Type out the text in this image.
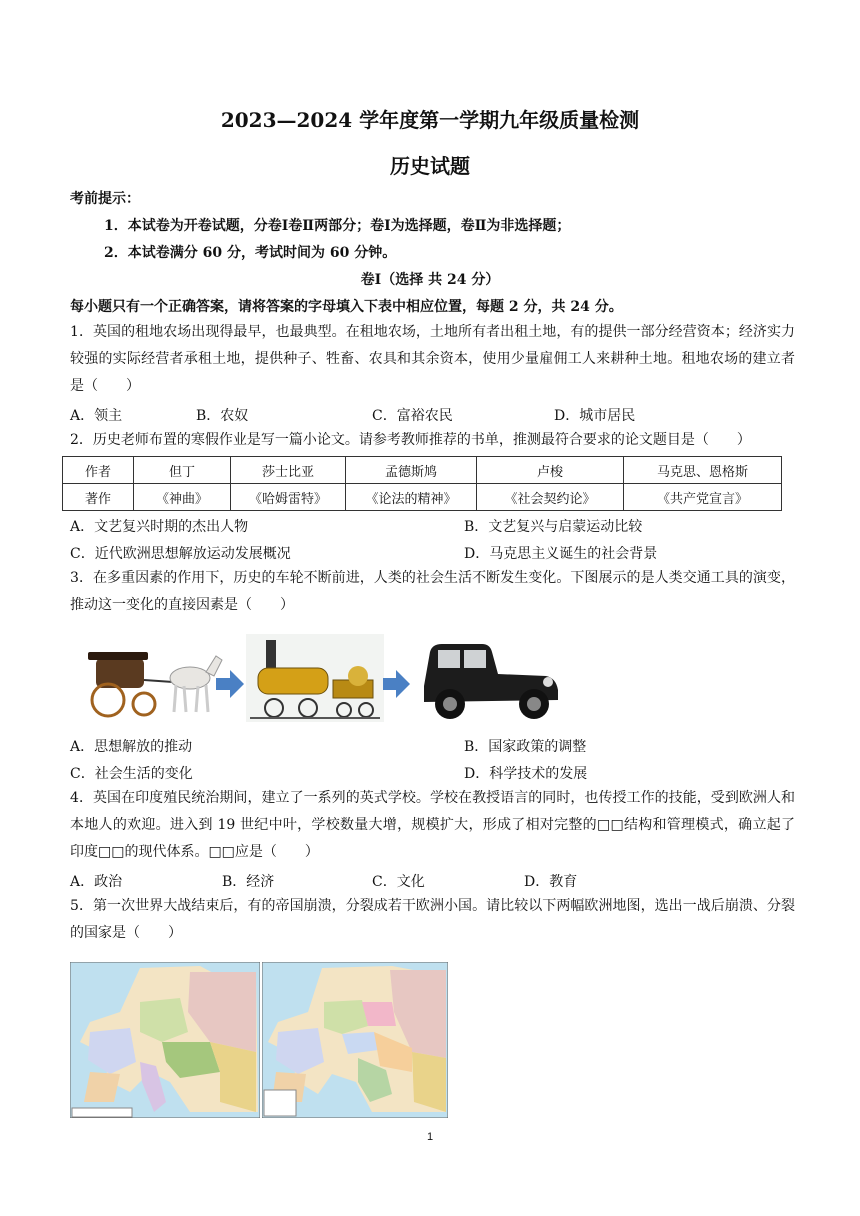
2023—2024 学年度第一学期九年级质量检测
历史试题
考前提示：
1．本试卷为开卷试题，分卷Ⅰ卷Ⅱ两部分；卷Ⅰ为选择题，卷Ⅱ为非选择题；
2．本试卷满分 60 分，考试时间为 60 分钟。
卷Ⅰ（选择 共 24 分）
每小题只有一个正确答案，请将答案的字母填入下表中相应位置，每题 2 分，共 24 分。
1．英国的租地农场出现得最早，也最典型。在租地农场，土地所有者出租土地，有的提供一部分经营资本；经济实力较强的实际经营者承租土地，提供种子、牲畜、农具和其余资本，使用少量雇佣工人来耕种土地。租地农场的建立者是（　　）
A．领主	B．农奴	C．富裕农民	D．城市居民
2．历史老师布置的寒假作业是写一篇小论文。请参考教师推荐的书单，推测最符合要求的论文题目是（　　）
作者	但丁	莎士比亚	孟德斯鸠	卢梭	马克思、恩格斯
著作	《神曲》	《哈姆雷特》	《论法的精神》	《社会契约论》	《共产党宣言》
A．文艺复兴时期的杰出人物	B．文艺复兴与启蒙运动比较
C．近代欧洲思想解放运动发展概况	D．马克思主义诞生的社会背景
3．在多重因素的作用下，历史的车轮不断前进，人类的社会生活不断发生变化。下图展示的是人类交通工具的演变，推动这一变化的直接因素是（　　）
A．思想解放的推动	B．国家政策的调整
C．社会生活的变化	D．科学技术的发展
4．英国在印度殖民统治期间，建立了一系列的英式学校。学校在教授语言的同时，也传授工作的技能，受到欧洲人和本地人的欢迎。进入到 19 世纪中叶，学校数量大增，规模扩大，形成了相对完整的□□结构和管理模式，确立起了印度□□的现代体系。□□应是（　　）
A．政治	B．经济	C．文化	D．教育
5．第一次世界大战结束后，有的帝国崩溃，分裂成若干欧洲小国。请比较以下两幅欧洲地图，选出一战后崩溃、分裂的国家是（　　）
1
